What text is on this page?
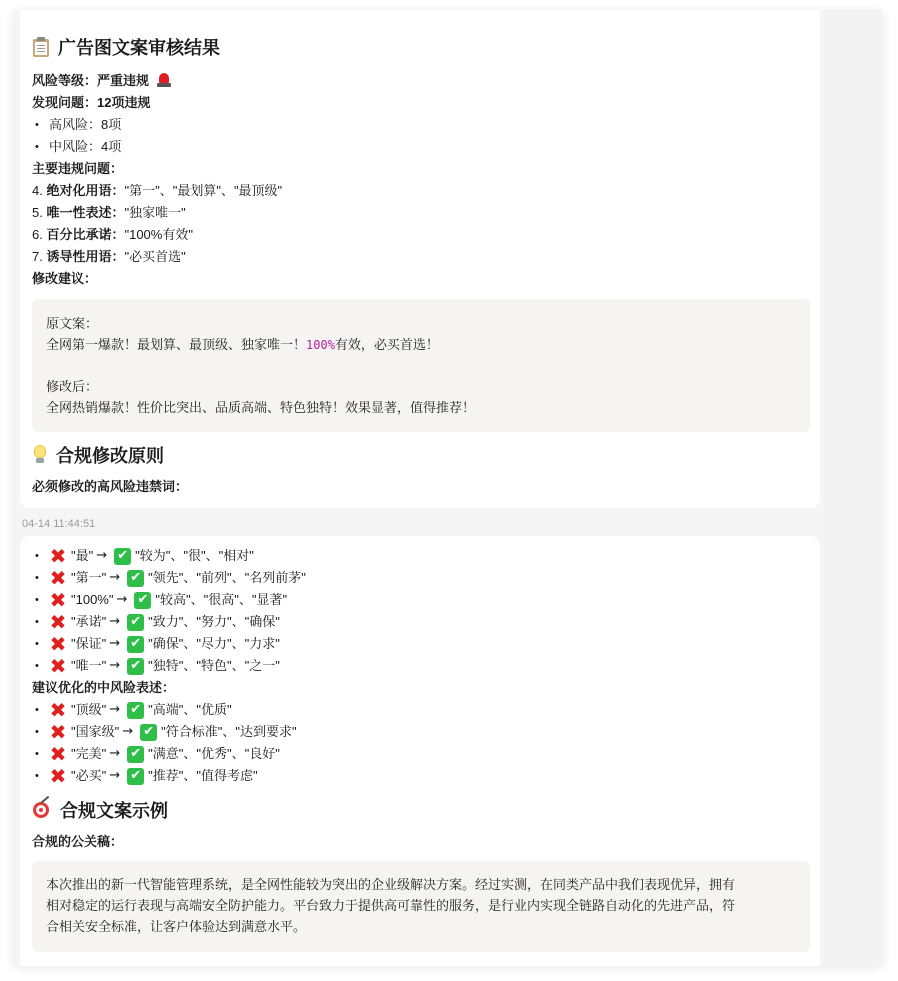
广告图文案审核结果
风险等级：严重违规
发现问题：12项违规
• 高风险：8项
• 中风险：4项
主要违规问题：
4. 绝对化用语："第一"、"最划算"、"最顶级"
5. 唯一性表述："独家唯一"
6. 百分比承诺："100%有效"
7. 诱导性用语："必买首选"
修改建议：
原文案：
全网第一爆款！最划算、最顶级、独家唯一！100%有效，必买首选！
修改后：
全网热销爆款！性价比突出、品质高端、特色独特！效果显著，值得推荐！
合规修改原则
必须修改的高风险违禁词：
04-14 11:44:51
• ✖ "最" → ✔ "较为"、"很"、"相对"
• ✖ "第一" → ✔ "领先"、"前列"、"名列前茅"
• ✖ "100%" → ✔ "较高"、"很高"、"显著"
• ✖ "承诺" → ✔ "致力"、"努力"、"确保"
• ✖ "保证" → ✔ "确保"、"尽力"、"力求"
• ✖ "唯一" → ✔ "独特"、"特色"、"之一"
建议优化的中风险表述：
• ✖ "顶级" → ✔ "高端"、"优质"
• ✖ "国家级" → ✔ "符合标准"、"达到要求"
• ✖ "完美" → ✔ "满意"、"优秀"、"良好"
• ✖ "必买" → ✔ "推荐"、"值得考虑"
合规文案示例
合规的公关稿：
本次推出的新一代智能管理系统，是全网性能较为突出的企业级解决方案。经过实测，在同类产品中我们表现优异，拥有
相对稳定的运行表现与高端安全防护能力。平台致力于提供高可靠性的服务，是行业内实现全链路自动化的先进产品，符
合相关安全标准，让客户体验达到满意水平。
